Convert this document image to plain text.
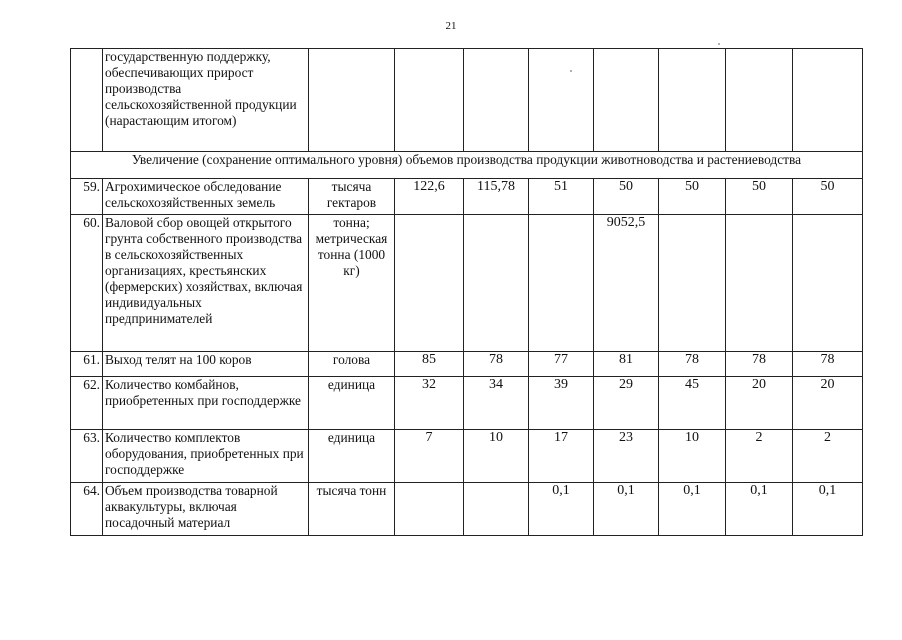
21
	государственную поддержку, обеспечивающих прирост производства сельскохозяйственной продукции (нарастающим итогом)								
Увеличение (сохранение оптимального уровня) объемов производства продукции животноводства и растениеводства									
59.	Агрохимическое обследование сельскохозяйственных земель	тысяча гектаров	122,6	115,78	51	50	50	50	50
60.	Валовой сбор овощей открытого грунта собственного производства в сельскохозяйственных организациях, крестьянских (фермерских) хозяйствах, включая индивидуальных предпринимателей	тонна; метрическая тонна (1000 кг)				9052,5			
61.	Выход телят на 100 коров	голова	85	78	77	81	78	78	78
62.	Количество комбайнов, приобретенных при господдержке	единица	32	34	39	29	45	20	20
63.	Количество комплектов оборудования, приобретенных при господдержке	единица	7	10	17	23	10	2	2
64.	Объем производства товарной аквакультуры, включая посадочный материал	тысяча тонн			0,1	0,1	0,1	0,1	0,1
